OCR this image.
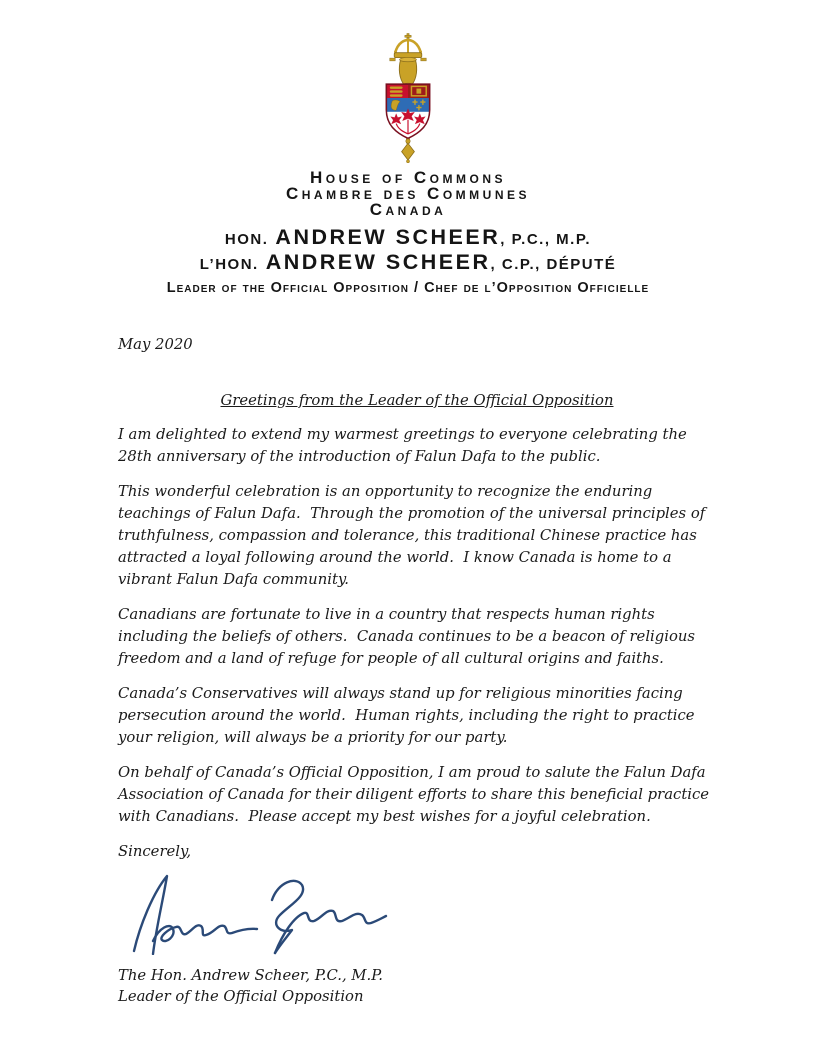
House of Commons
Chambre des Communes
Canada
HON. ANDREW SCHEER, P.C., M.P.
L’HON. ANDREW SCHEER, C.P., DÉPUTÉ
Leader of the Official Opposition / Chef de l’Opposition Officielle

May 2020

Greetings from the Leader of the Official Opposition

I am delighted to extend my warmest greetings to everyone celebrating the 28th anniversary of the introduction of Falun Dafa to the public.

This wonderful celebration is an opportunity to recognize the enduring teachings of Falun Dafa.  Through the promotion of the universal principles of truthfulness, compassion and tolerance, this traditional Chinese practice has attracted a loyal following around the world.  I know Canada is home to a vibrant Falun Dafa community.

Canadians are fortunate to live in a country that respects human rights including the beliefs of others.  Canada continues to be a beacon of religious freedom and a land of refuge for people of all cultural origins and faiths.

Canada’s Conservatives will always stand up for religious minorities facing persecution around the world.  Human rights, including the right to practice your religion, will always be a priority for our party.

On behalf of Canada’s Official Opposition, I am proud to salute the Falun Dafa Association of Canada for their diligent efforts to share this beneficial practice with Canadians.  Please accept my best wishes for a joyful celebration.

Sincerely,

The Hon. Andrew Scheer, P.C., M.P.
Leader of the Official Opposition
